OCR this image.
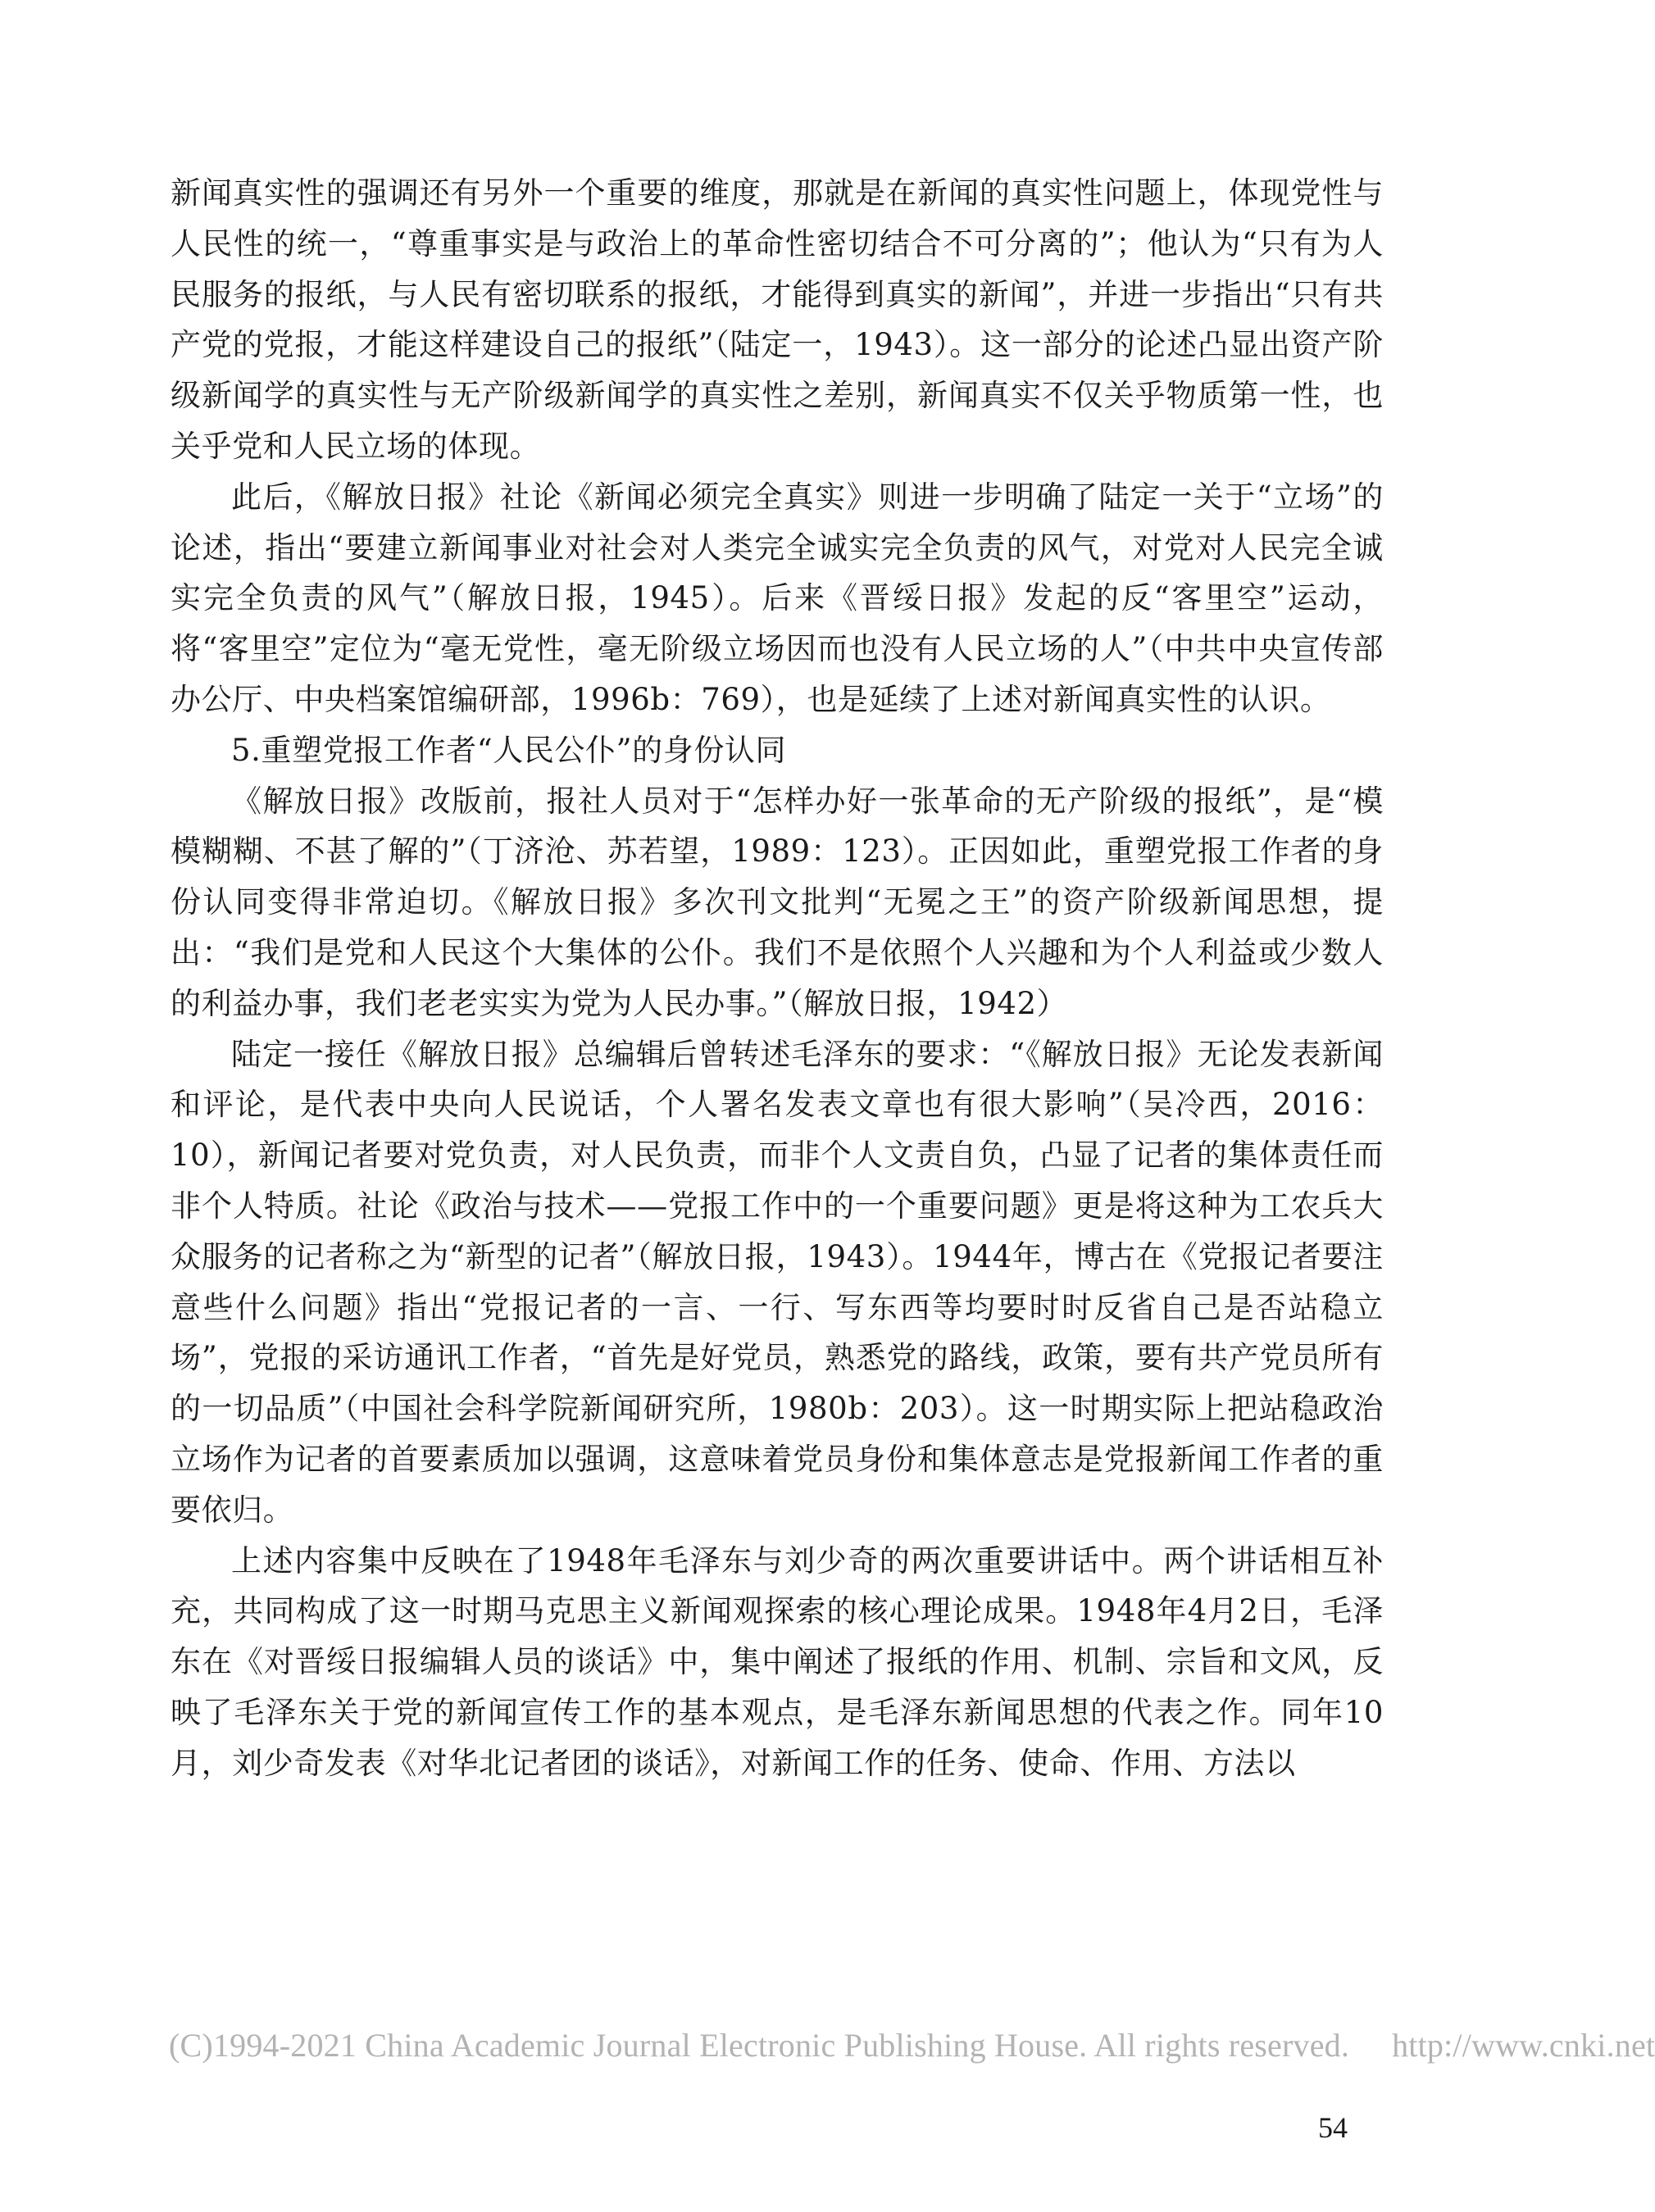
新闻真实性的强调还有另外一个重要的维度，那就是在新闻的真实性问题上，体现党性与人民性的统一，“尊重事实是与政治上的革命性密切结合不可分离的”；他认为“只有为人民服务的报纸，与人民有密切联系的报纸，才能得到真实的新闻”，并进一步指出“只有共产党的党报，才能这样建设自己的报纸”（陆定一，1943）。这一部分的论述凸显出资产阶级新闻学的真实性与无产阶级新闻学的真实性之差别，新闻真实不仅关乎物质第一性，也关乎党和人民立场的体现。

此后，《解放日报》社论《新闻必须完全真实》则进一步明确了陆定一关于“立场”的论述，指出“要建立新闻事业对社会对人类完全诚实完全负责的风气，对党对人民完全诚实完全负责的风气”（解放日报，1945）。后来《晋绥日报》发起的反“客里空”运动，将“客里空”定位为“毫无党性，毫无阶级立场因而也没有人民立场的人”（中共中央宣传部办公厅、中央档案馆编研部，1996b：769），也是延续了上述对新闻真实性的认识。

5.重塑党报工作者“人民公仆”的身份认同

《解放日报》改版前，报社人员对于“怎样办好一张革命的无产阶级的报纸”，是“模模糊糊、不甚了解的”（丁济沧、苏若望，1989：123）。正因如此，重塑党报工作者的身份认同变得非常迫切。《解放日报》多次刊文批判“无冕之王”的资产阶级新闻思想，提出：“我们是党和人民这个大集体的公仆。我们不是依照个人兴趣和为个人利益或少数人的利益办事，我们老老实实为党为人民办事。”（解放日报，1942）

陆定一接任《解放日报》总编辑后曾转述毛泽东的要求：“《解放日报》无论发表新闻和评论，是代表中央向人民说话，个人署名发表文章也有很大影响”（吴冷西，2016：10），新闻记者要对党负责，对人民负责，而非个人文责自负，凸显了记者的集体责任而非个人特质。社论《政治与技术——党报工作中的一个重要问题》更是将这种为工农兵大众服务的记者称之为“新型的记者”（解放日报，1943）。1944年，博古在《党报记者要注意些什么问题》指出“党报记者的一言、一行、写东西等均要时时反省自己是否站稳立场”，党报的采访通讯工作者，“首先是好党员，熟悉党的路线，政策，要有共产党员所有的一切品质”（中国社会科学院新闻研究所，1980b：203）。这一时期实际上把站稳政治立场作为记者的首要素质加以强调，这意味着党员身份和集体意志是党报新闻工作者的重要依归。

上述内容集中反映在了1948年毛泽东与刘少奇的两次重要讲话中。两个讲话相互补充，共同构成了这一时期马克思主义新闻观探索的核心理论成果。1948年4月2日，毛泽东在《对晋绥日报编辑人员的谈话》中，集中阐述了报纸的作用、机制、宗旨和文风，反映了毛泽东关于党的新闻宣传工作的基本观点，是毛泽东新闻思想的代表之作。同年10月，刘少奇发表《对华北记者团的谈话》，对新闻工作的任务、使命、作用、方法以

(C)1994-2021 China Academic Journal Electronic Publishing House. All rights reserved. http://www.cnki.net
54
